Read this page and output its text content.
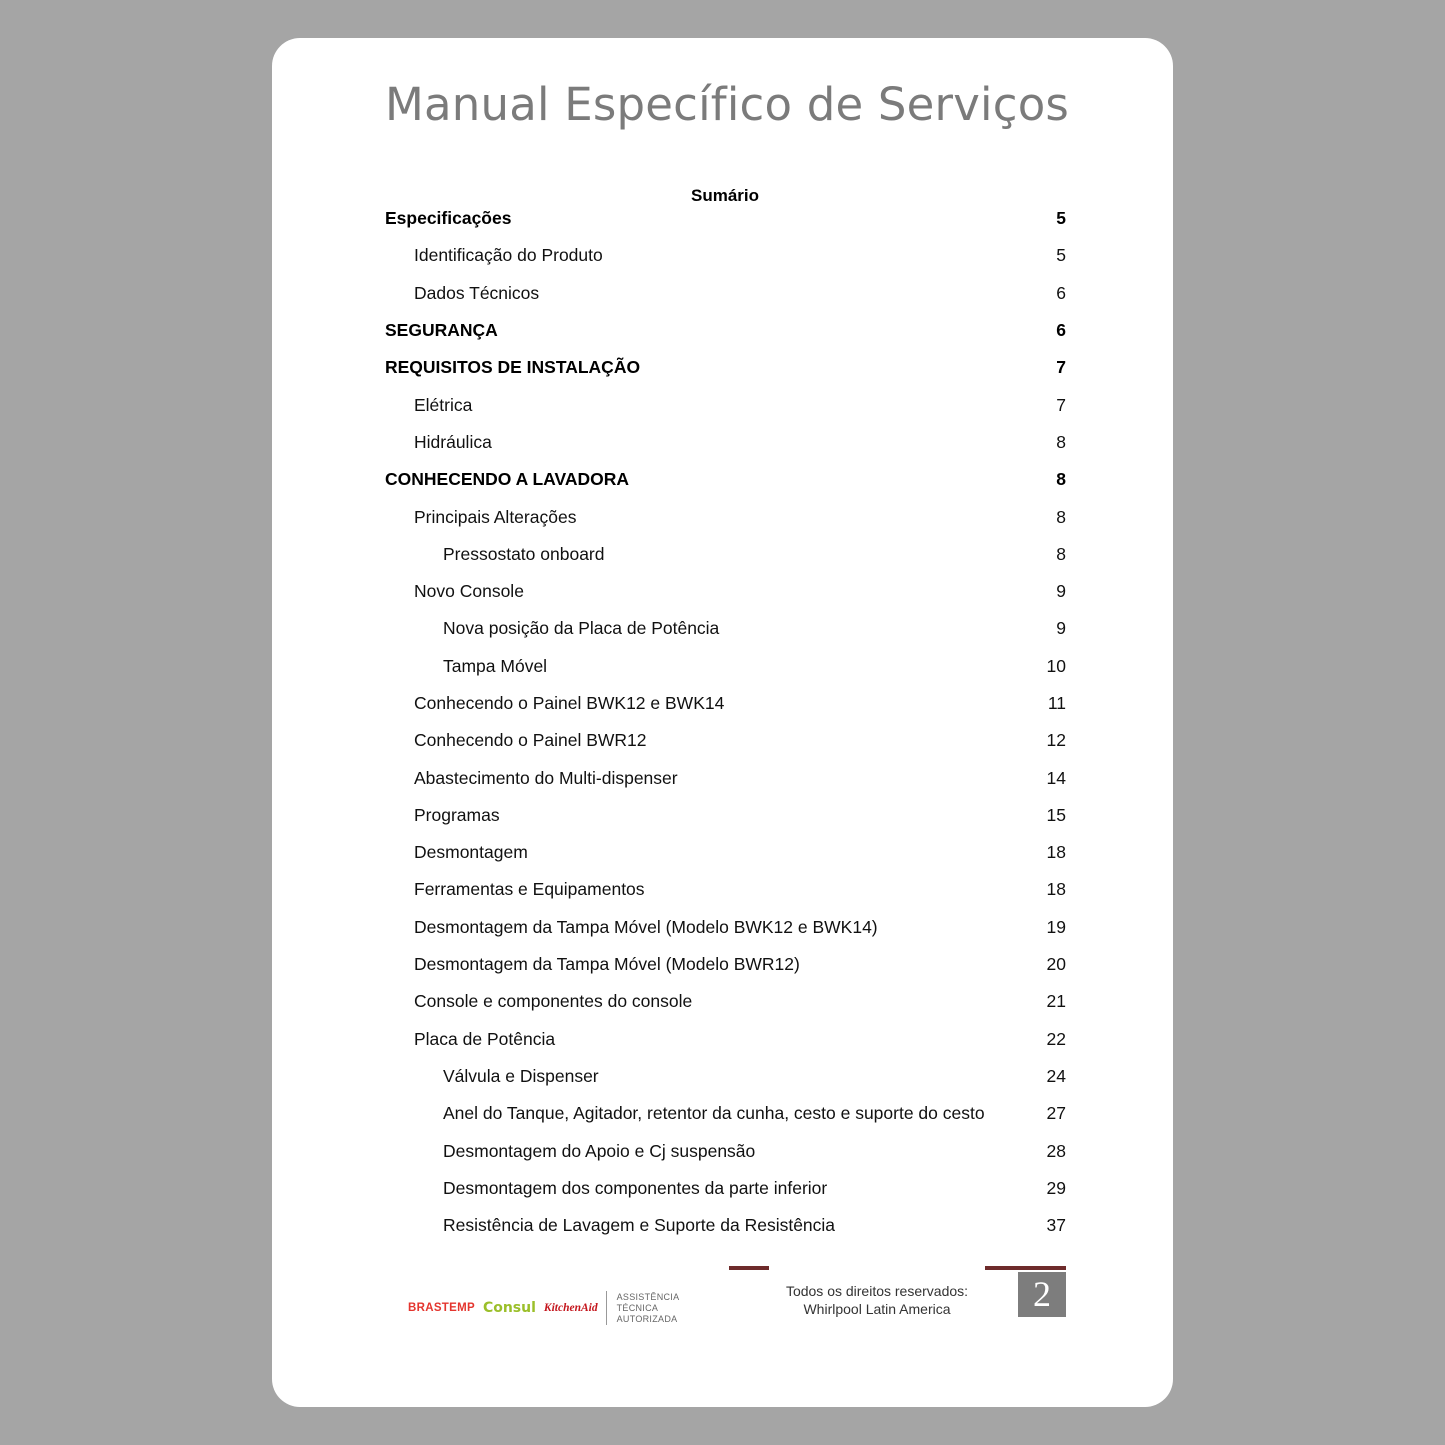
Manual Específico de Serviços
Sumário
Especificações	5
Identificação do Produto	5
Dados Técnicos	6
SEGURANÇA	6
REQUISITOS DE INSTALAÇÃO	7
Elétrica	7
Hidráulica	8
CONHECENDO A LAVADORA	8
Principais Alterações	8
Pressostato onboard	8
Novo Console	9
Nova posição da Placa de Potência	9
Tampa Móvel	10
Conhecendo o Painel BWK12 e BWK14	11
Conhecendo o Painel BWR12	12
Abastecimento do Multi-dispenser	14
Programas	15
Desmontagem	18
Ferramentas e Equipamentos	18
Desmontagem da Tampa Móvel (Modelo BWK12 e BWK14)	19
Desmontagem da Tampa Móvel (Modelo BWR12)	20
Console e componentes do console	21
Placa de Potência	22
Válvula e Dispenser	24
Anel do Tanque, Agitador, retentor da cunha, cesto e suporte do cesto	27
Desmontagem do Apoio e Cj suspensão	28
Desmontagem dos componentes da parte inferior	29
Resistência de Lavagem e Suporte da Resistência	37
BRASTEMP Consul KitchenAid
ASSISTÊNCIA
TÉCNICA
AUTORIZADA
Todos os direitos reservados:
Whirlpool Latin America	2
